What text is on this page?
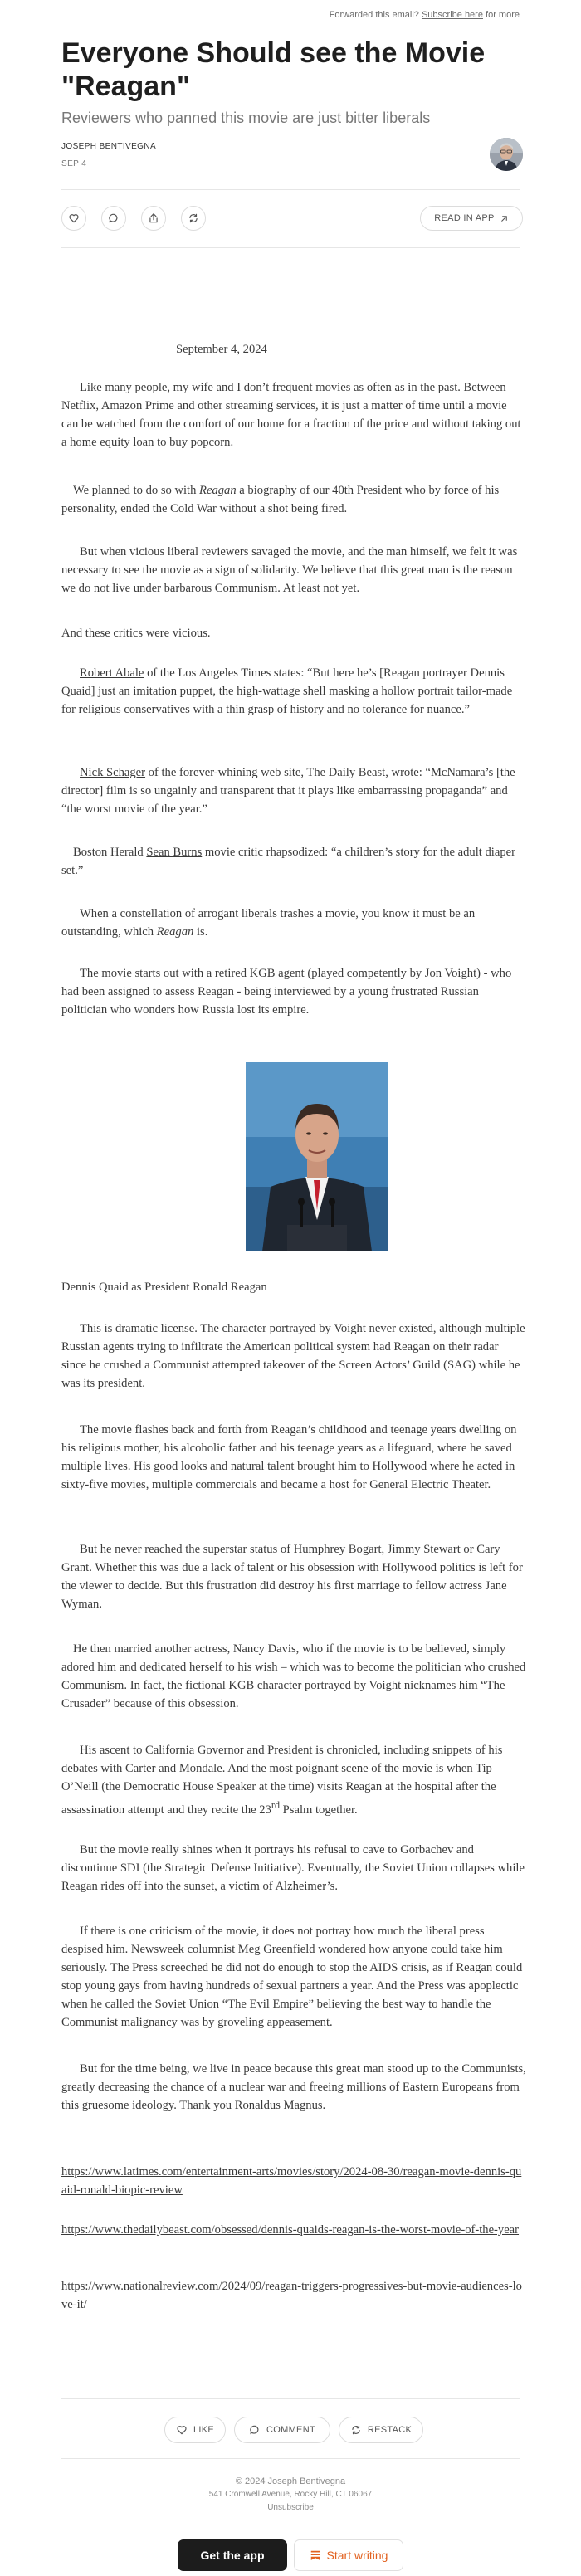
Forwarded this email? Subscribe here for more
Everyone Should see the Movie "Reagan"
Reviewers who panned this movie are just bitter liberals
JOSEPH BENTIVEGNA
SEP 4
READ IN APP

September 4, 2024

Like many people, my wife and I don’t frequent movies as often as in the past. Between Netflix, Amazon Prime and other streaming services, it is just a matter of time until a movie can be watched from the comfort of our home for a fraction of the price and without taking out a home equity loan to buy popcorn.

We planned to do so with Reagan a biography of our 40th President who by force of his personality, ended the Cold War without a shot being fired.

But when vicious liberal reviewers savaged the movie, and the man himself, we felt it was necessary to see the movie as a sign of solidarity. We believe that this great man is the reason we do not live under barbarous Communism. At least not yet.

And these critics were vicious.

Robert Abale of the Los Angeles Times states: “But here he’s [Reagan portrayer Dennis Quaid] just an imitation puppet, the high-wattage shell masking a hollow portrait tailor-made for religious conservatives with a thin grasp of history and no tolerance for nuance.”

Nick Schager of the forever-whining web site, The Daily Beast, wrote: “McNamara’s [the director] film is so ungainly and transparent that it plays like embarrassing propaganda” and “the worst movie of the year.”

Boston Herald Sean Burns movie critic rhapsodized: “a children’s story for the adult diaper set.”

When a constellation of arrogant liberals trashes a movie, you know it must be an outstanding, which Reagan is.

The movie starts out with a retired KGB agent (played competently by Jon Voight) - who had been assigned to assess Reagan - being interviewed by a young frustrated Russian politician who wonders how Russia lost its empire.

Dennis Quaid as President Ronald Reagan

This is dramatic license. The character portrayed by Voight never existed, although multiple Russian agents trying to infiltrate the American political system had Reagan on their radar since he crushed a Communist attempted takeover of the Screen Actors’ Guild (SAG) while he was its president.

The movie flashes back and forth from Reagan’s childhood and teenage years dwelling on his religious mother, his alcoholic father and his teenage years as a lifeguard, where he saved multiple lives. His good looks and natural talent brought him to Hollywood where he acted in sixty-five movies, multiple commercials and became a host for General Electric Theater.

But he never reached the superstar status of Humphrey Bogart, Jimmy Stewart or Cary Grant. Whether this was due a lack of talent or his obsession with Hollywood politics is left for the viewer to decide. But this frustration did destroy his first marriage to fellow actress Jane Wyman.

He then married another actress, Nancy Davis, who if the movie is to be believed, simply adored him and dedicated herself to his wish – which was to become the politician who crushed Communism. In fact, the fictional KGB character portrayed by Voight nicknames him “The Crusader” because of this obsession.

His ascent to California Governor and President is chronicled, including snippets of his debates with Carter and Mondale. And the most poignant scene of the movie is when Tip O’Neill (the Democratic House Speaker at the time) visits Reagan at the hospital after the assassination attempt and they recite the 23rd Psalm together.

But the movie really shines when it portrays his refusal to cave to Gorbachev and discontinue SDI (the Strategic Defense Initiative). Eventually, the Soviet Union collapses while Reagan rides off into the sunset, a victim of Alzheimer’s.

If there is one criticism of the movie, it does not portray how much the liberal press despised him. Newsweek columnist Meg Greenfield wondered how anyone could take him seriously. The Press screeched he did not do enough to stop the AIDS crisis, as if Reagan could stop young gays from having hundreds of sexual partners a year. And the Press was apoplectic when he called the Soviet Union “The Evil Empire” believing the best way to handle the Communist malignancy was by groveling appeasement.

But for the time being, we live in peace because this great man stood up to the Communists, greatly decreasing the chance of a nuclear war and freeing millions of Eastern Europeans from this gruesome ideology. Thank you Ronaldus Magnus.

https://www.latimes.com/entertainment-arts/movies/story/2024-08-30/reagan-movie-dennis-quaid-ronald-biopic-review

https://www.thedailybeast.com/obsessed/dennis-quaids-reagan-is-the-worst-movie-of-the-year

https://www.nationalreview.com/2024/09/reagan-triggers-progressives-but-movie-audiences-love-it/

LIKE	COMMENT	RESTACK
© 2024 Joseph Bentivegna
541 Cromwell Avenue, Rocky Hill, CT 06067
Unsubscribe
Get the app	Start writing
